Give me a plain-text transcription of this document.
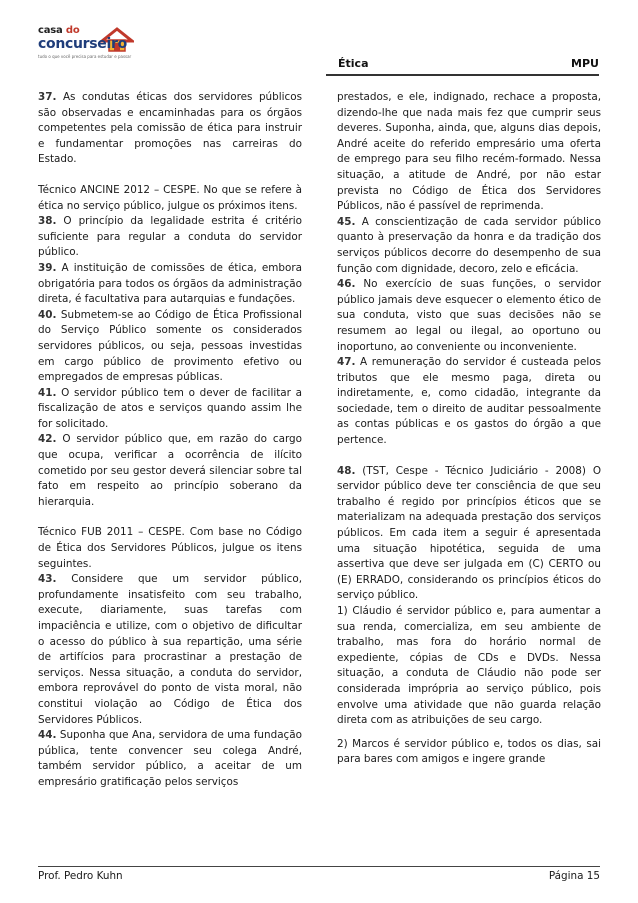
casa do
concurseiro
tudo o que você precisa para estudar e passar
Ética	MPU

37. As condutas éticas dos servidores públicos são observadas e encaminhadas para os órgãos competentes pela comissão de ética para instruir e fundamentar promoções nas carreiras do Estado.

Técnico ANCINE 2012 – CESPE. No que se refere à ética no serviço público, julgue os próximos itens.

38. O princípio da legalidade estrita é critério suficiente para regular a conduta do servidor público.

39. A instituição de comissões de ética, embora obrigatória para todos os órgãos da administração direta, é facultativa para autarquias e fundações.

40. Submetem-se ao Código de Ética Profissional do Serviço Público somente os considerados servidores públicos, ou seja, pessoas investidas em cargo público de provimento efetivo ou empregados de empresas públicas.

41. O servidor público tem o dever de facilitar a fiscalização de atos e serviços quando assim lhe for solicitado.

42. O servidor público que, em razão do cargo que ocupa, verificar a ocorrência de ilícito cometido por seu gestor deverá silenciar sobre tal fato em respeito ao princípio soberano da hierarquia.

Técnico FUB 2011 – CESPE. Com base no Código de Ética dos Servidores Públicos, julgue os itens seguintes.

43. Considere que um servidor público, profundamente insatisfeito com seu trabalho, execute, diariamente, suas tarefas com impaciência e utilize, com o objetivo de dificultar o acesso do público à sua repartição, uma série de artifícios para procrastinar a prestação de serviços. Nessa situação, a conduta do servidor, embora reprovável do ponto de vista moral, não constitui violação ao Código de Ética dos Servidores Públicos.

44. Suponha que Ana, servidora de uma fundação pública, tente convencer seu colega André, também servidor público, a aceitar de um empresário gratificação pelos serviços

prestados, e ele, indignado, rechace a proposta, dizendo-lhe que nada mais fez que cumprir seus deveres. Suponha, ainda, que, alguns dias depois, André aceite do referido empresário uma oferta de emprego para seu filho recém-formado. Nessa situação, a atitude de André, por não estar prevista no Código de Ética dos Servidores Públicos, não é passível de reprimenda.

45. A conscientização de cada servidor público quanto à preservação da honra e da tradição dos serviços públicos decorre do desempenho de sua função com dignidade, decoro, zelo e eficácia.

46. No exercício de suas funções, o servidor público jamais deve esquecer o elemento ético de sua conduta, visto que suas decisões não se resumem ao legal ou ilegal, ao oportuno ou inoportuno, ao conveniente ou inconveniente.

47. A remuneração do servidor é custeada pelos tributos que ele mesmo paga, direta ou indiretamente, e, como cidadão, integrante da sociedade, tem o direito de auditar pessoalmente as contas públicas e os gastos do órgão a que pertence.

48. (TST, Cespe - Técnico Judiciário - 2008) O servidor público deve ter consciência de que seu trabalho é regido por princípios éticos que se materializam na adequada prestação dos serviços públicos. Em cada item a seguir é apresentada uma situação hipotética, seguida de uma assertiva que deve ser julgada em (C) CERTO ou (E) ERRADO, considerando os princípios éticos do serviço público.

1) Cláudio é servidor público e, para aumentar a sua renda, comercializa, em seu ambiente de trabalho, mas fora do horário normal de expediente, cópias de CDs e DVDs. Nessa situação, a conduta de Cláudio não pode ser considerada imprópria ao serviço público, pois envolve uma atividade que não guarda relação direta com as atribuições de seu cargo.

2) Marcos é servidor público e, todos os dias, sai para bares com amigos e ingere grande

Prof. Pedro Kuhn	Página 15
